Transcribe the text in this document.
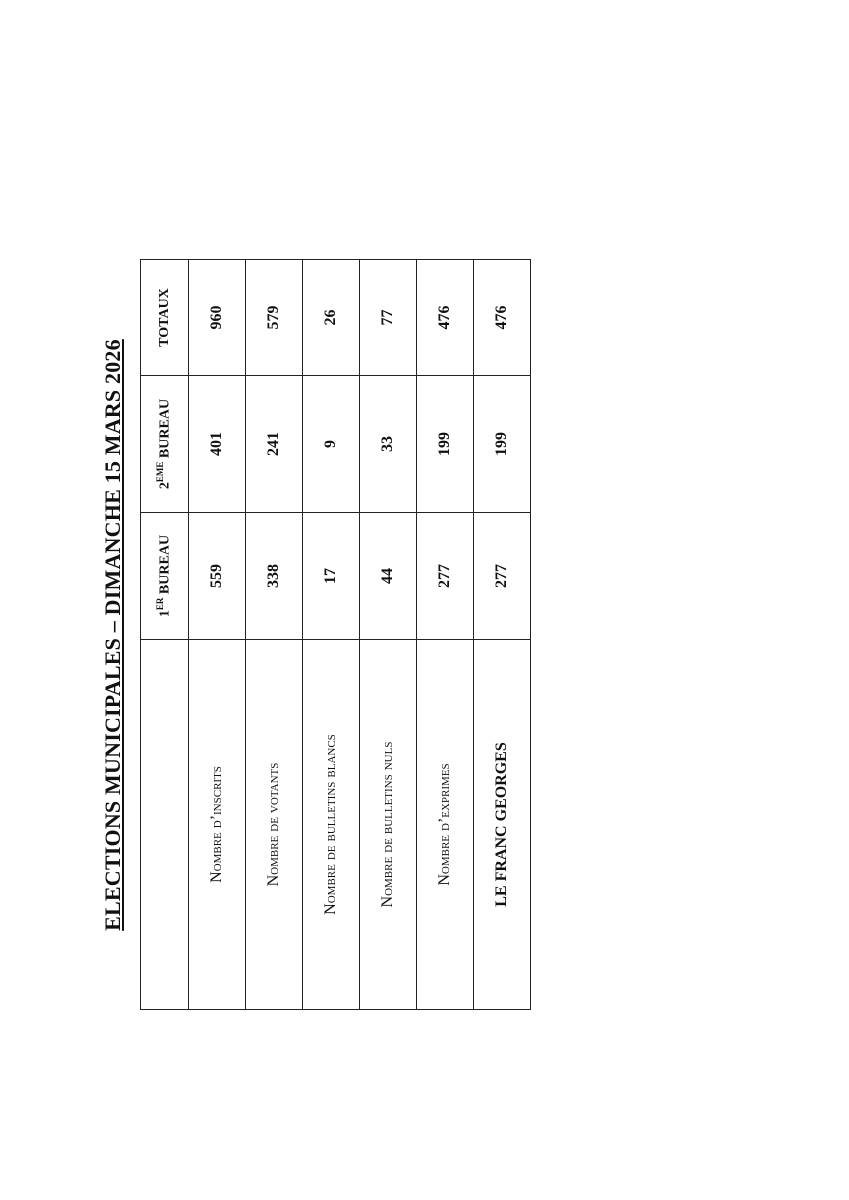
ELECTIONS MUNICIPALES – DIMANCHE 15 MARS 2026
	1ER BUREAU	2EME BUREAU	TOTAUX
Nombre d’inscrits	559	401	960
Nombre de votants	338	241	579
Nombre de bulletins blancs	17	9	26
Nombre de bulletins nuls	44	33	77
Nombre d’exprimes	277	199	476
LE FRANC GEORGES	277	199	476
